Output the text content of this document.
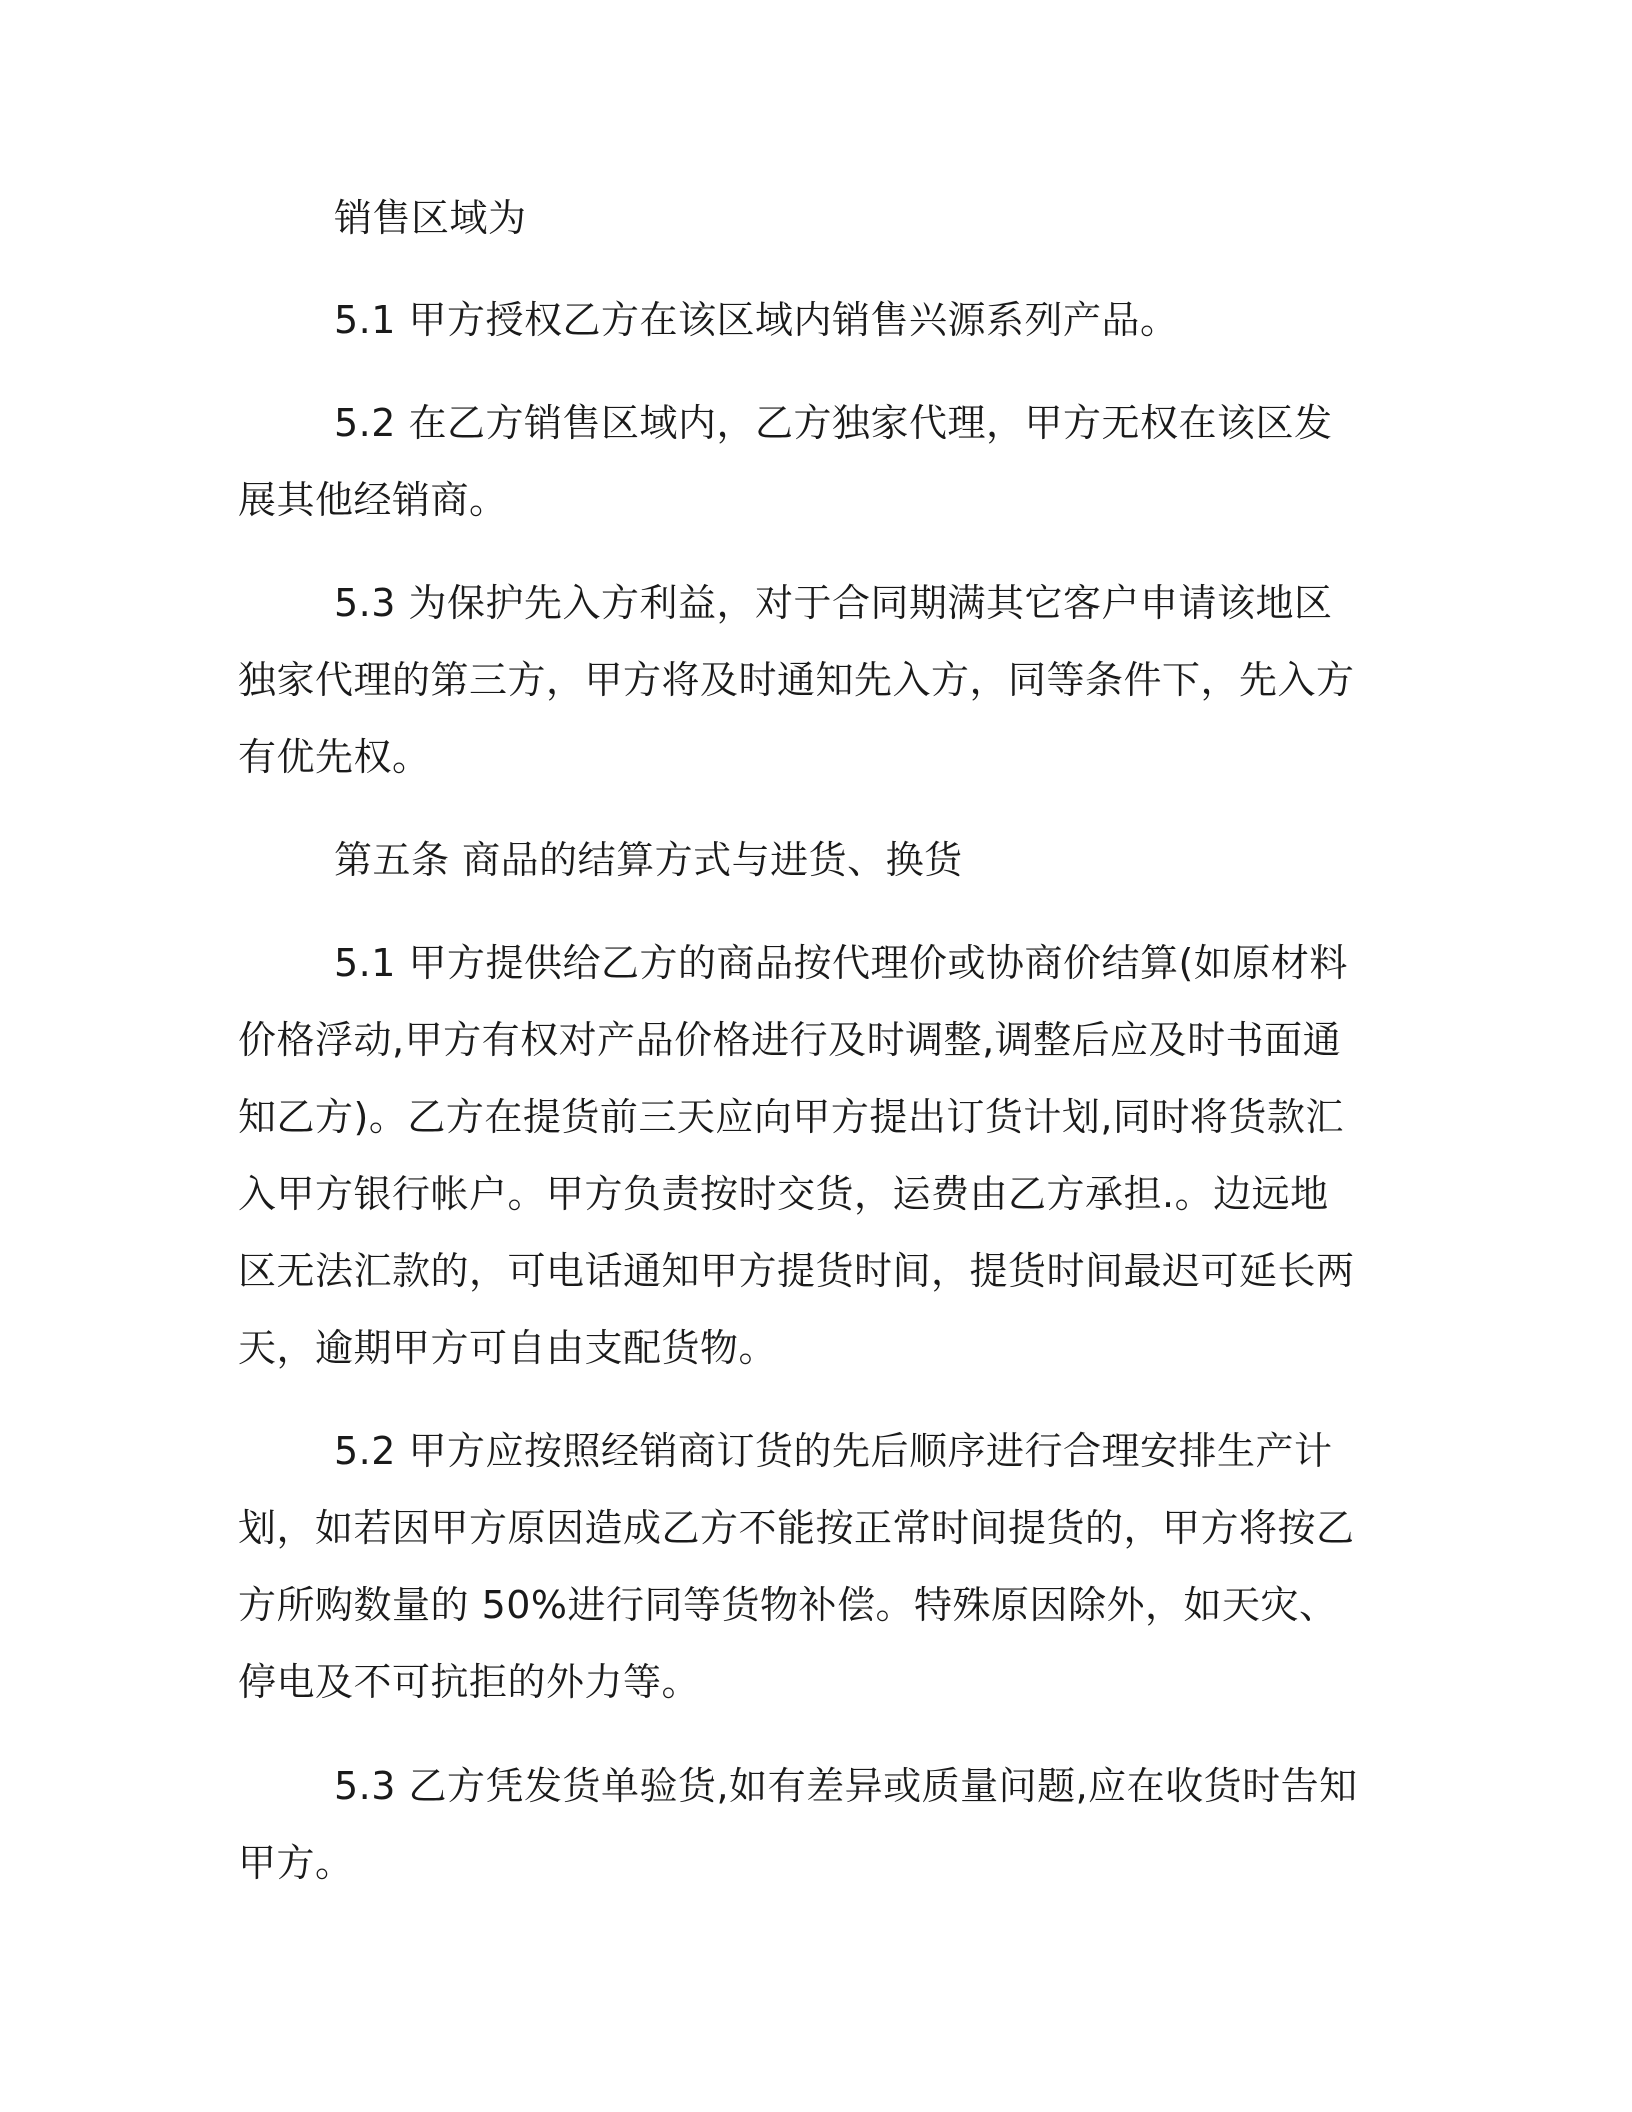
销售区域为
5.1 甲方授权乙方在该区域内销售兴源系列产品。
5.2 在乙方销售区域内，乙方独家代理，甲方无权在该区发展其他经销商。
5.3 为保护先入方利益，对于合同期满其它客户申请该地区独家代理的第三方，甲方将及时通知先入方，同等条件下，先入方有优先权。
第五条 商品的结算方式与进货、换货
5.1 甲方提供给乙方的商品按代理价或协商价结算(如原材料价格浮动,甲方有权对产品价格进行及时调整,调整后应及时书面通知乙方)。乙方在提货前三天应向甲方提出订货计划,同时将货款汇入甲方银行帐户。甲方负责按时交货，运费由乙方承担.。边远地区无法汇款的，可电话通知甲方提货时间，提货时间最迟可延长两天，逾期甲方可自由支配货物。
5.2 甲方应按照经销商订货的先后顺序进行合理安排生产计划，如若因甲方原因造成乙方不能按正常时间提货的，甲方将按乙方所购数量的 50%进行同等货物补偿。特殊原因除外，如天灾、停电及不可抗拒的外力等。
5.3 乙方凭发货单验货,如有差异或质量问题,应在收货时告知甲方。
